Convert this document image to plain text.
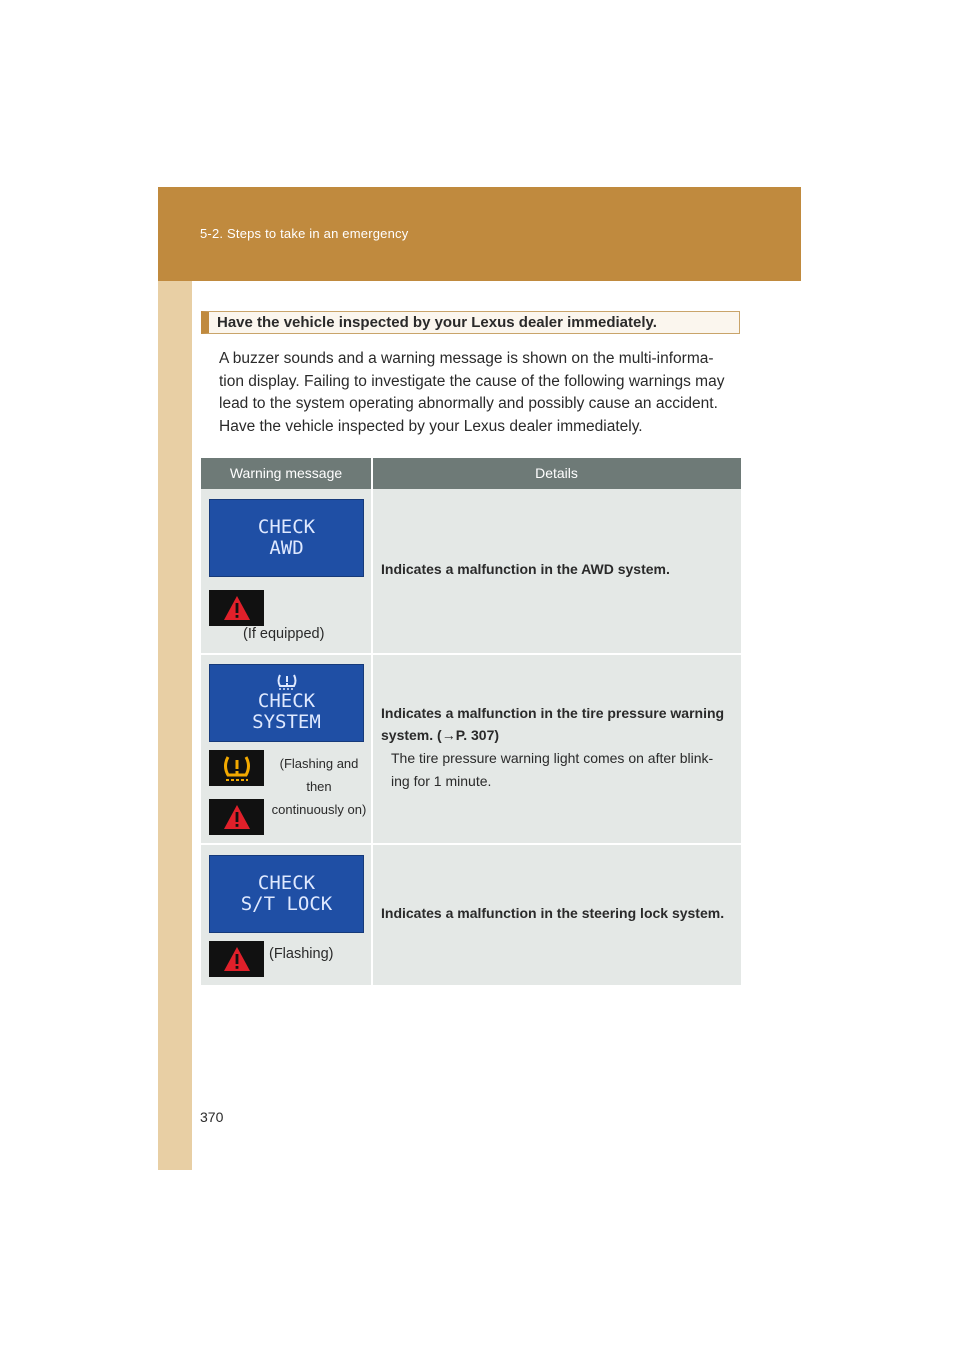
5-2. Steps to take in an emergency
Have the vehicle inspected by your Lexus dealer immediately.
A buzzer sounds and a warning message is shown on the multi-informa-
tion display. Failing to investigate the cause of the following warnings may
lead to the system operating abnormally and possibly cause an accident.
Have the vehicle inspected by your Lexus dealer immediately.
Warning message	Details
CHECK
AWD
(If equipped)
Indicates a malfunction in the AWD system.
CHECK
SYSTEM
(Flashing and then
continuously on)
Indicates a malfunction in the tire pressure warning
system. (→P. 307)
The tire pressure warning light comes on after blink-
ing for 1 minute.
CHECK
S/T LOCK
(Flashing)
Indicates a malfunction in the steering lock system.
370
